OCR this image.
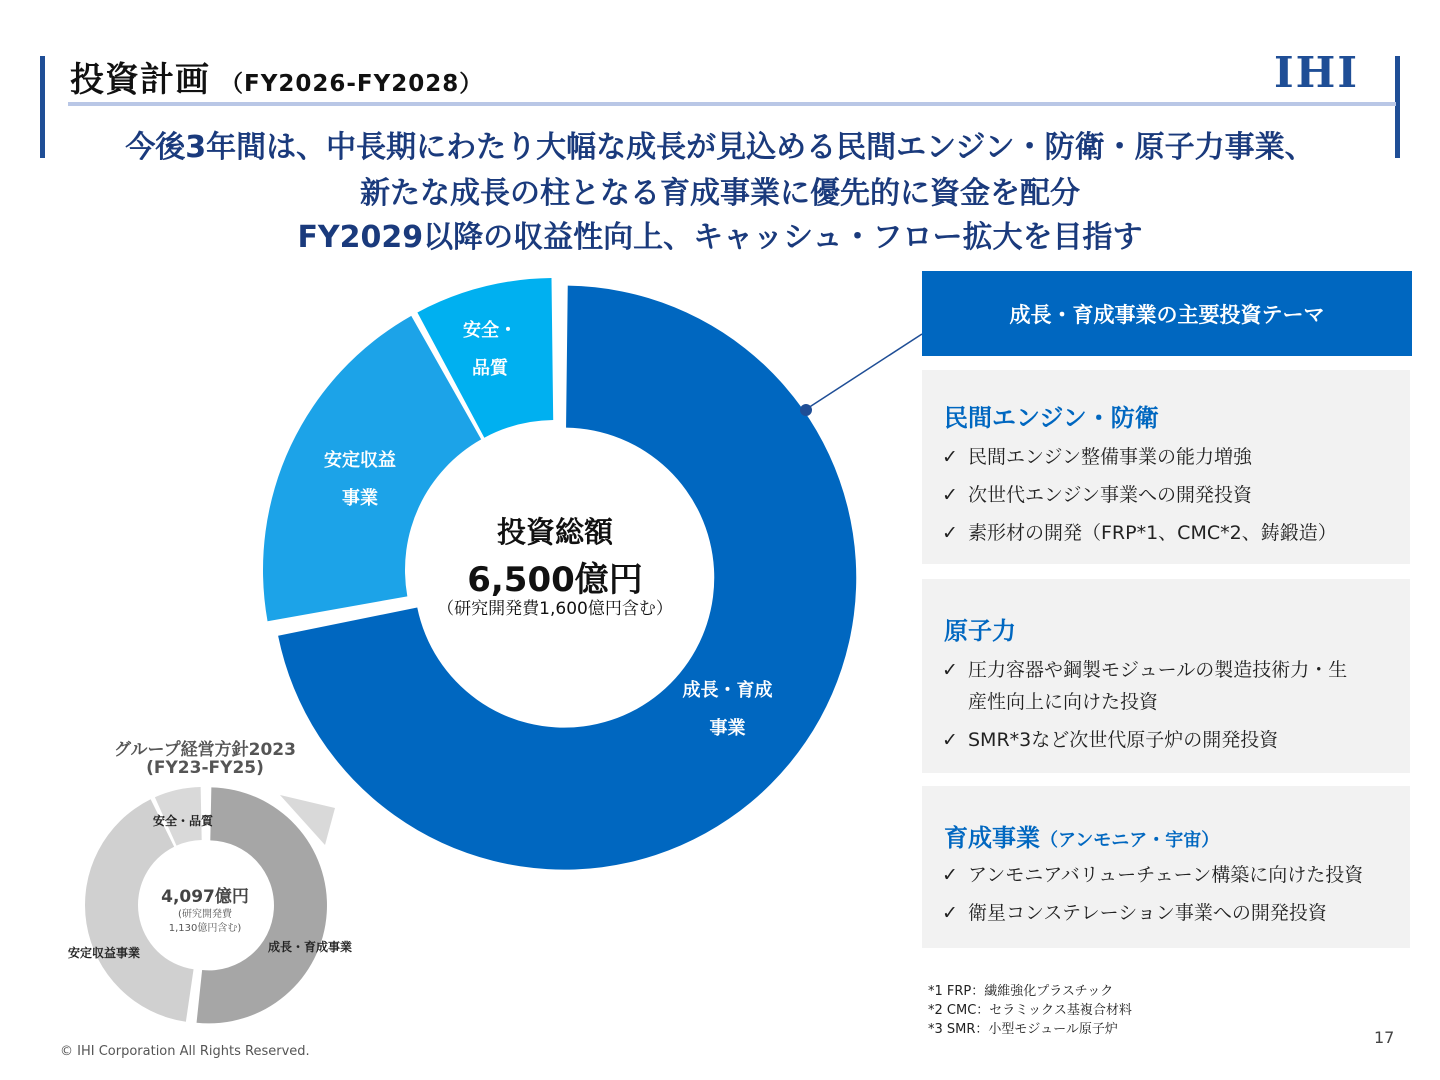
投資計画 （FY2026-FY2028）	IHI
今後3年間は、中長期にわたり大幅な成長が見込める民間エンジン・防衛・原子力事業、
新たな成長の柱となる育成事業に優先的に資金を配分
FY2029以降の収益性向上、キャッシュ・フロー拡大を目指す
成長・育成
事業
安定収益
事業
安全・
品質
投資総額
6,500億円
（研究開発費1,600億円含む）
グループ経営方針2023
(FY23-FY25)
4,097億円
(研究開発費
1,130億円含む)
成長・育成事業
安定収益事業
安全・品質
成長・育成事業の主要投資テーマ
民間エンジン・防衛
✓ 民間エンジン整備事業の能力増強
✓ 次世代エンジン事業への開発投資
✓ 素形材の開発（FRP*1、CMC*2、鋳鍛造）
原子力
✓ 圧力容器や鋼製モジュールの製造技術力・生
産性向上に向けた投資
✓ SMR*3など次世代原子炉の開発投資
育成事業（アンモニア・宇宙）
✓ アンモニアバリューチェーン構築に向けた投資
✓ 衛星コンステレーション事業への開発投資
*1 FRP：繊維強化プラスチック
*2 CMC：セラミックス基複合材料
*3 SMR：小型モジュール原子炉
© IHI Corporation All Rights Reserved.
17
